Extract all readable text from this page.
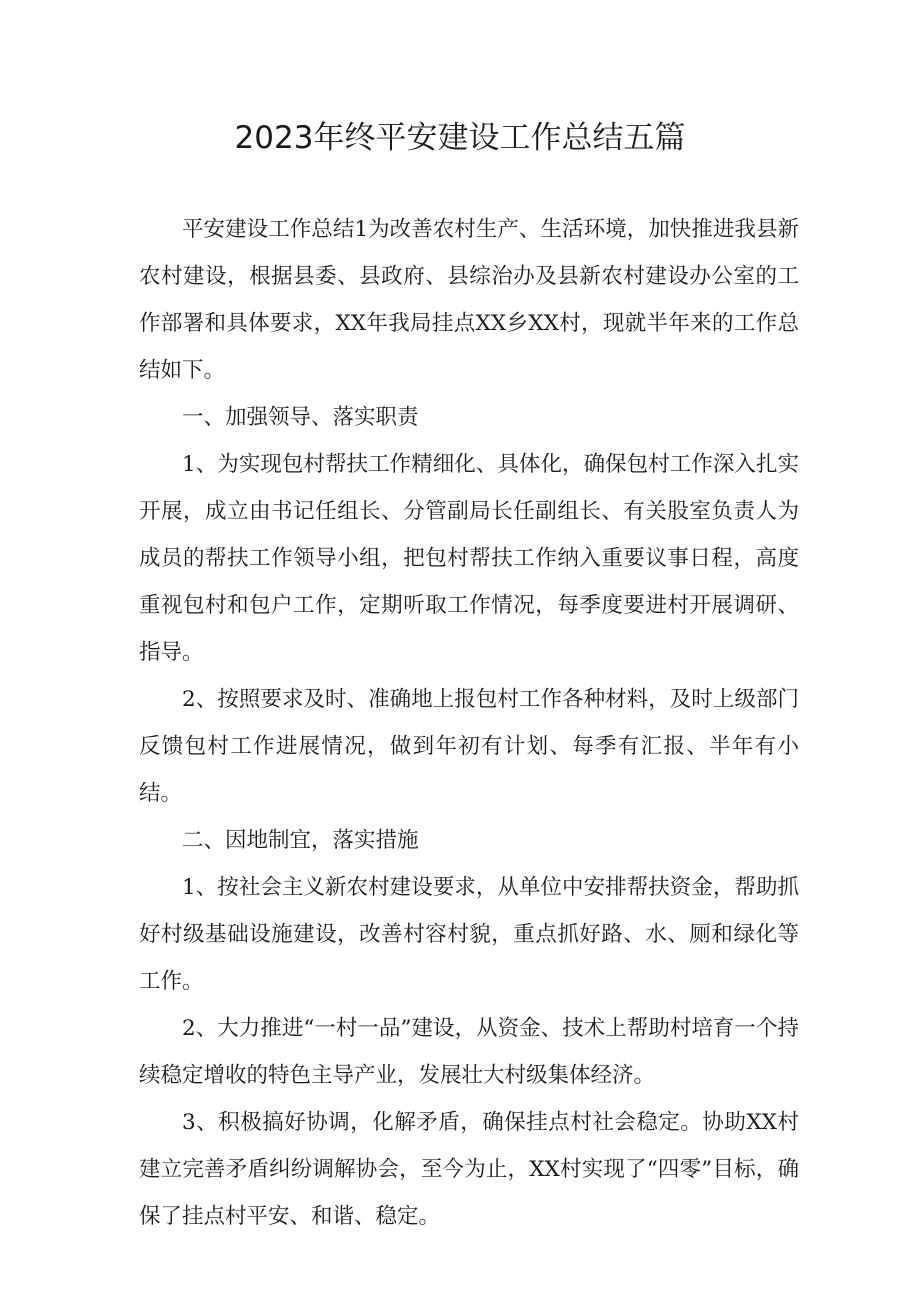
2023年终平安建设工作总结五篇

平安建设工作总结1为改善农村生产、生活环境，加快推进我县新农村建设，根据县委、县政府、县综治办及县新农村建设办公室的工作部署和具体要求，XX年我局挂点XX乡XX村，现就半年来的工作总结如下。

一、加强领导、落实职责

1、为实现包村帮扶工作精细化、具体化，确保包村工作深入扎实开展，成立由书记任组长、分管副局长任副组长、有关股室负责人为成员的帮扶工作领导小组，把包村帮扶工作纳入重要议事日程，高度重视包村和包户工作，定期听取工作情况，每季度要进村开展调研、指导。

2、按照要求及时、准确地上报包村工作各种材料，及时上级部门反馈包村工作进展情况，做到年初有计划、每季有汇报、半年有小结。

二、因地制宜，落实措施

1、按社会主义新农村建设要求，从单位中安排帮扶资金，帮助抓好村级基础设施建设，改善村容村貌，重点抓好路、水、厕和绿化等工作。

2、大力推进“一村一品”建设，从资金、技术上帮助村培育一个持续稳定增收的特色主导产业，发展壮大村级集体经济。

3、积极搞好协调，化解矛盾，确保挂点村社会稳定。协助XX村建立完善矛盾纠纷调解协会，至今为止，XX村实现了“四零”目标，确保了挂点村平安、和谐、稳定。
